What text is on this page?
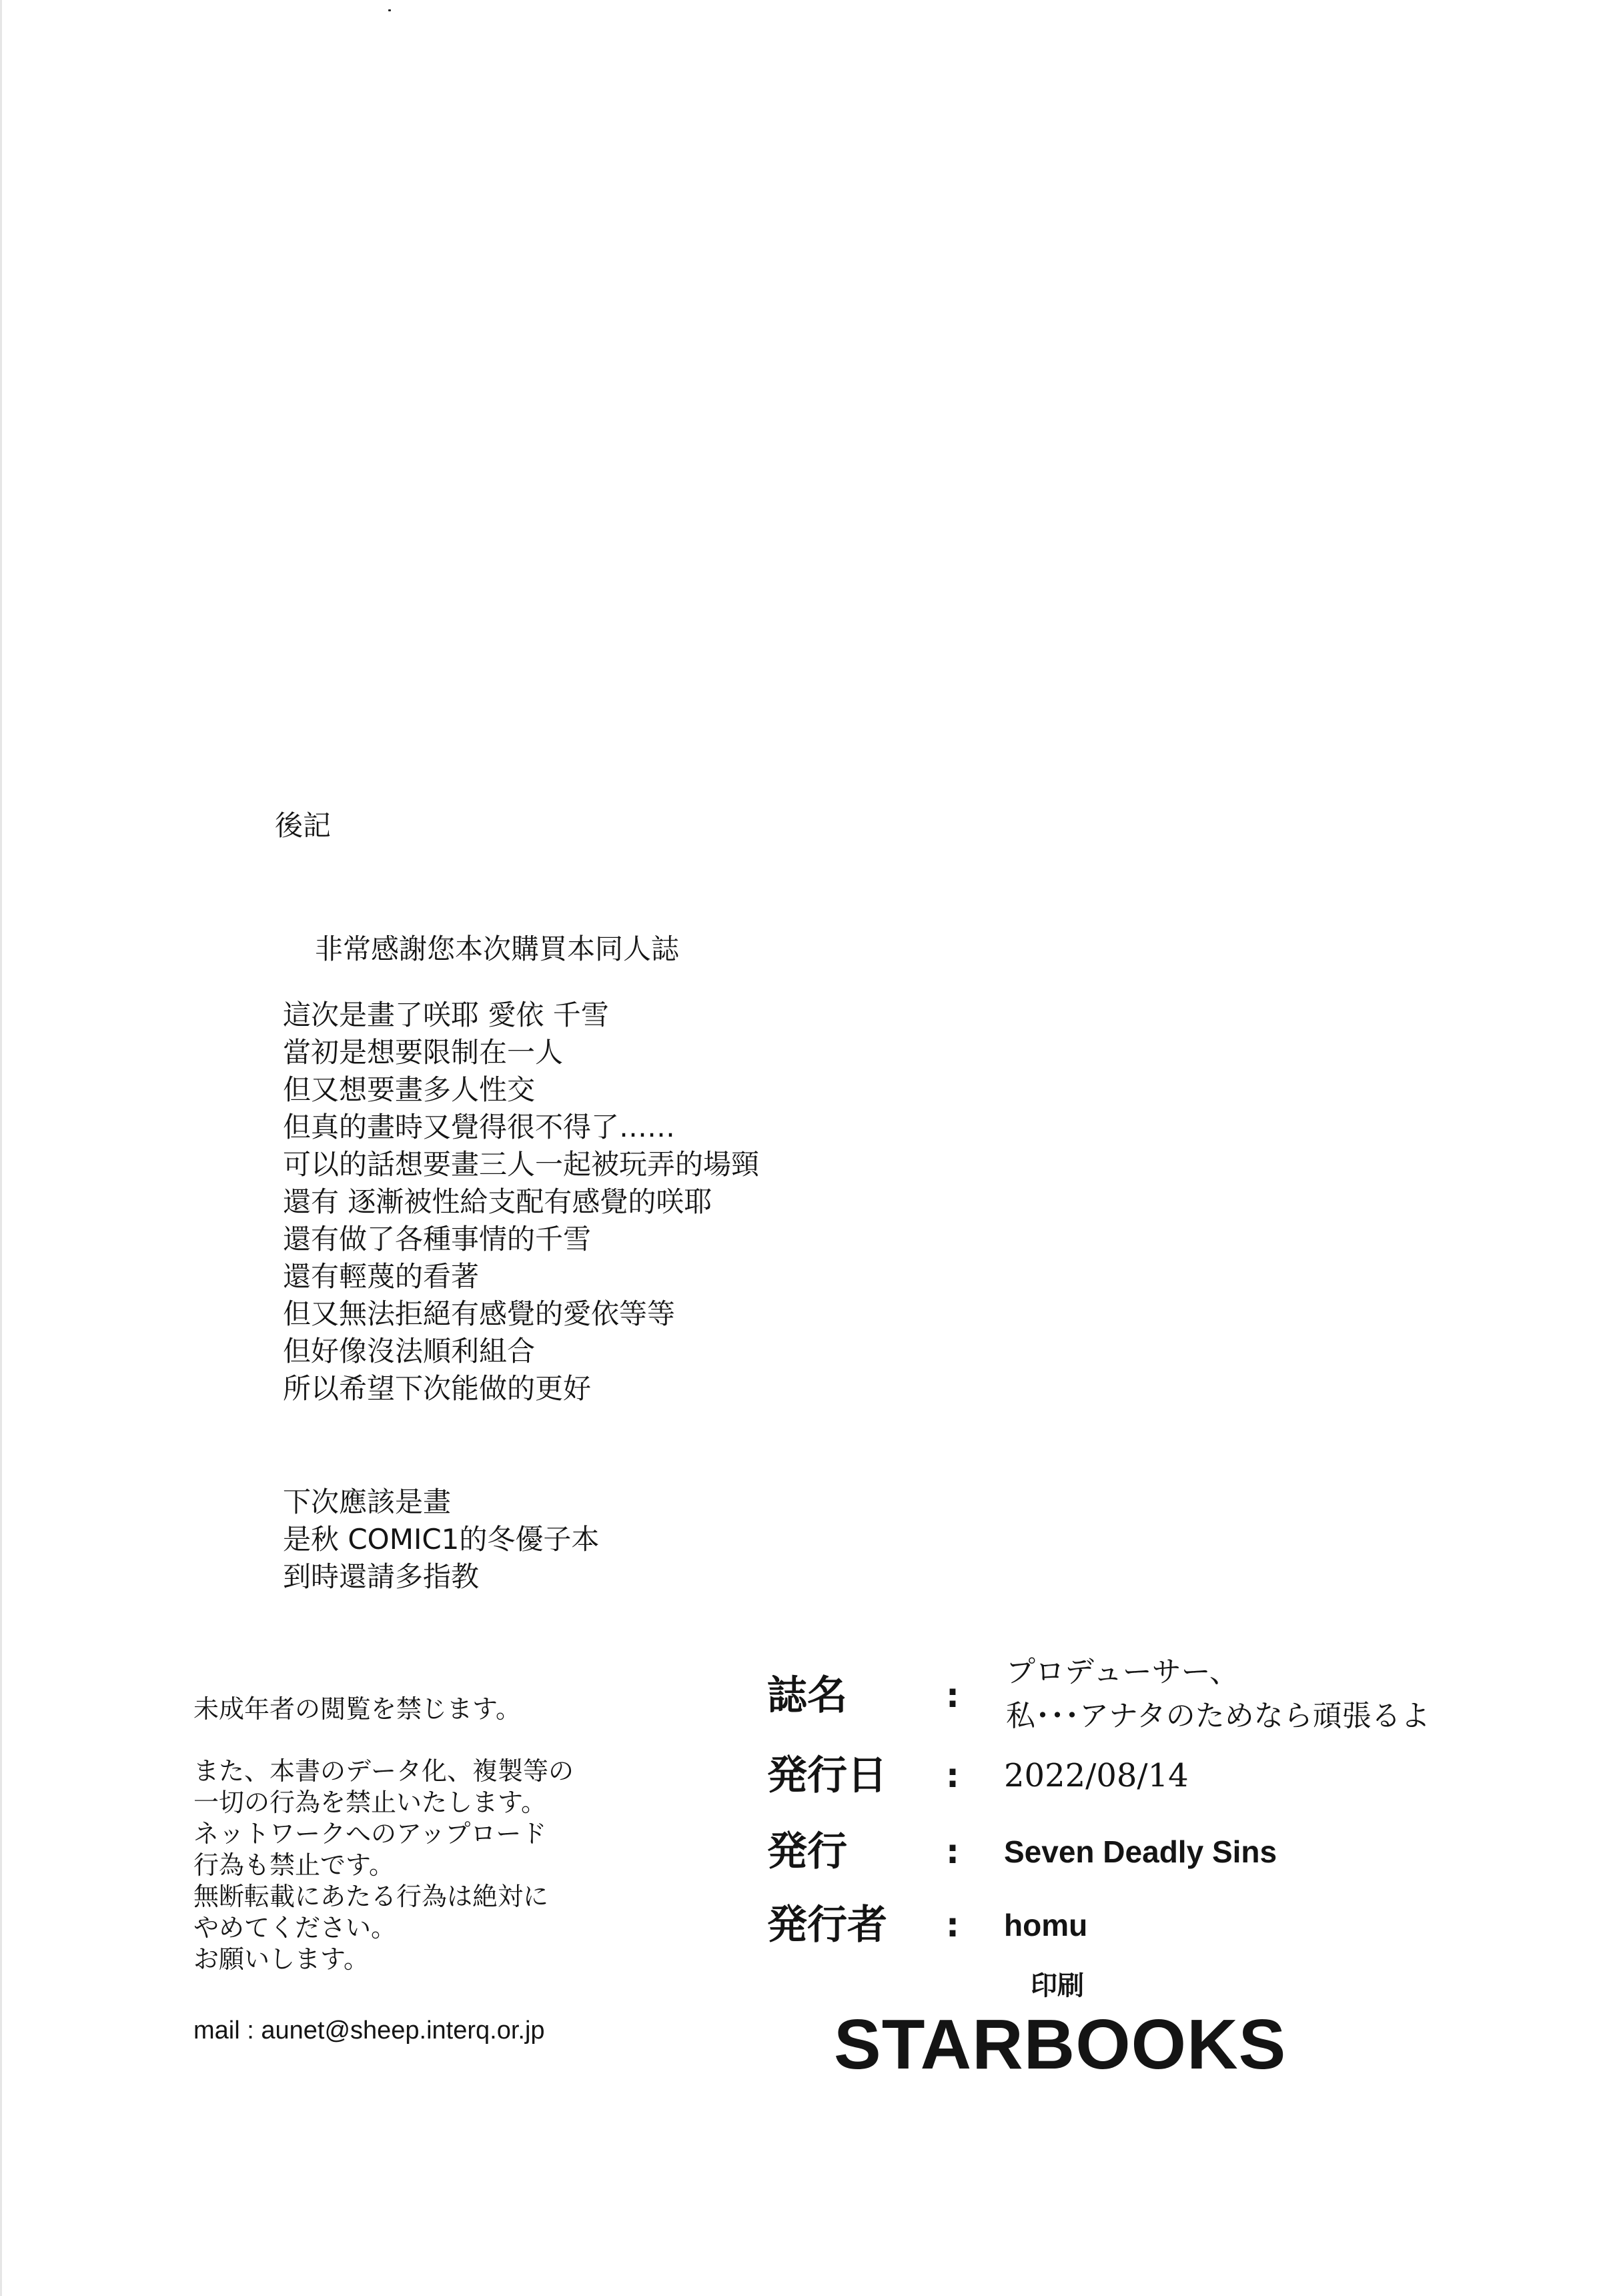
後記
非常感謝您本次購買本同人誌
這次是畫了咲耶 愛依 千雪
當初是想要限制在一人
但又想要畫多人性交
但真的畫時又覺得很不得了……
可以的話想要畫三人一起被玩弄的場頸
還有 逐漸被性給支配有感覺的咲耶
還有做了各種事情的千雪
還有輕蔑的看著
但又無法拒絕有感覺的愛依等等
但好像沒法順利組合
所以希望下次能做的更好
下次應該是畫
是秋 COMIC1的冬優子本
到時還請多指教
未成年者の閲覧を禁じます。
また、本書のデータ化、複製等の
一切の行為を禁止いたします。
ネットワークへのアップロード
行為も禁止です。
無断転載にあたる行為は絶対に
やめてください。
お願いします。
mail : aunet@sheep.interq.or.jp
誌名	:
プロデューサー、
私･･･アナタのためなら頑張るよ
発行日 : 2022/08/14
発行	: Seven Deadly Sins
発行者 : homu
印刷
STARBOOKS
